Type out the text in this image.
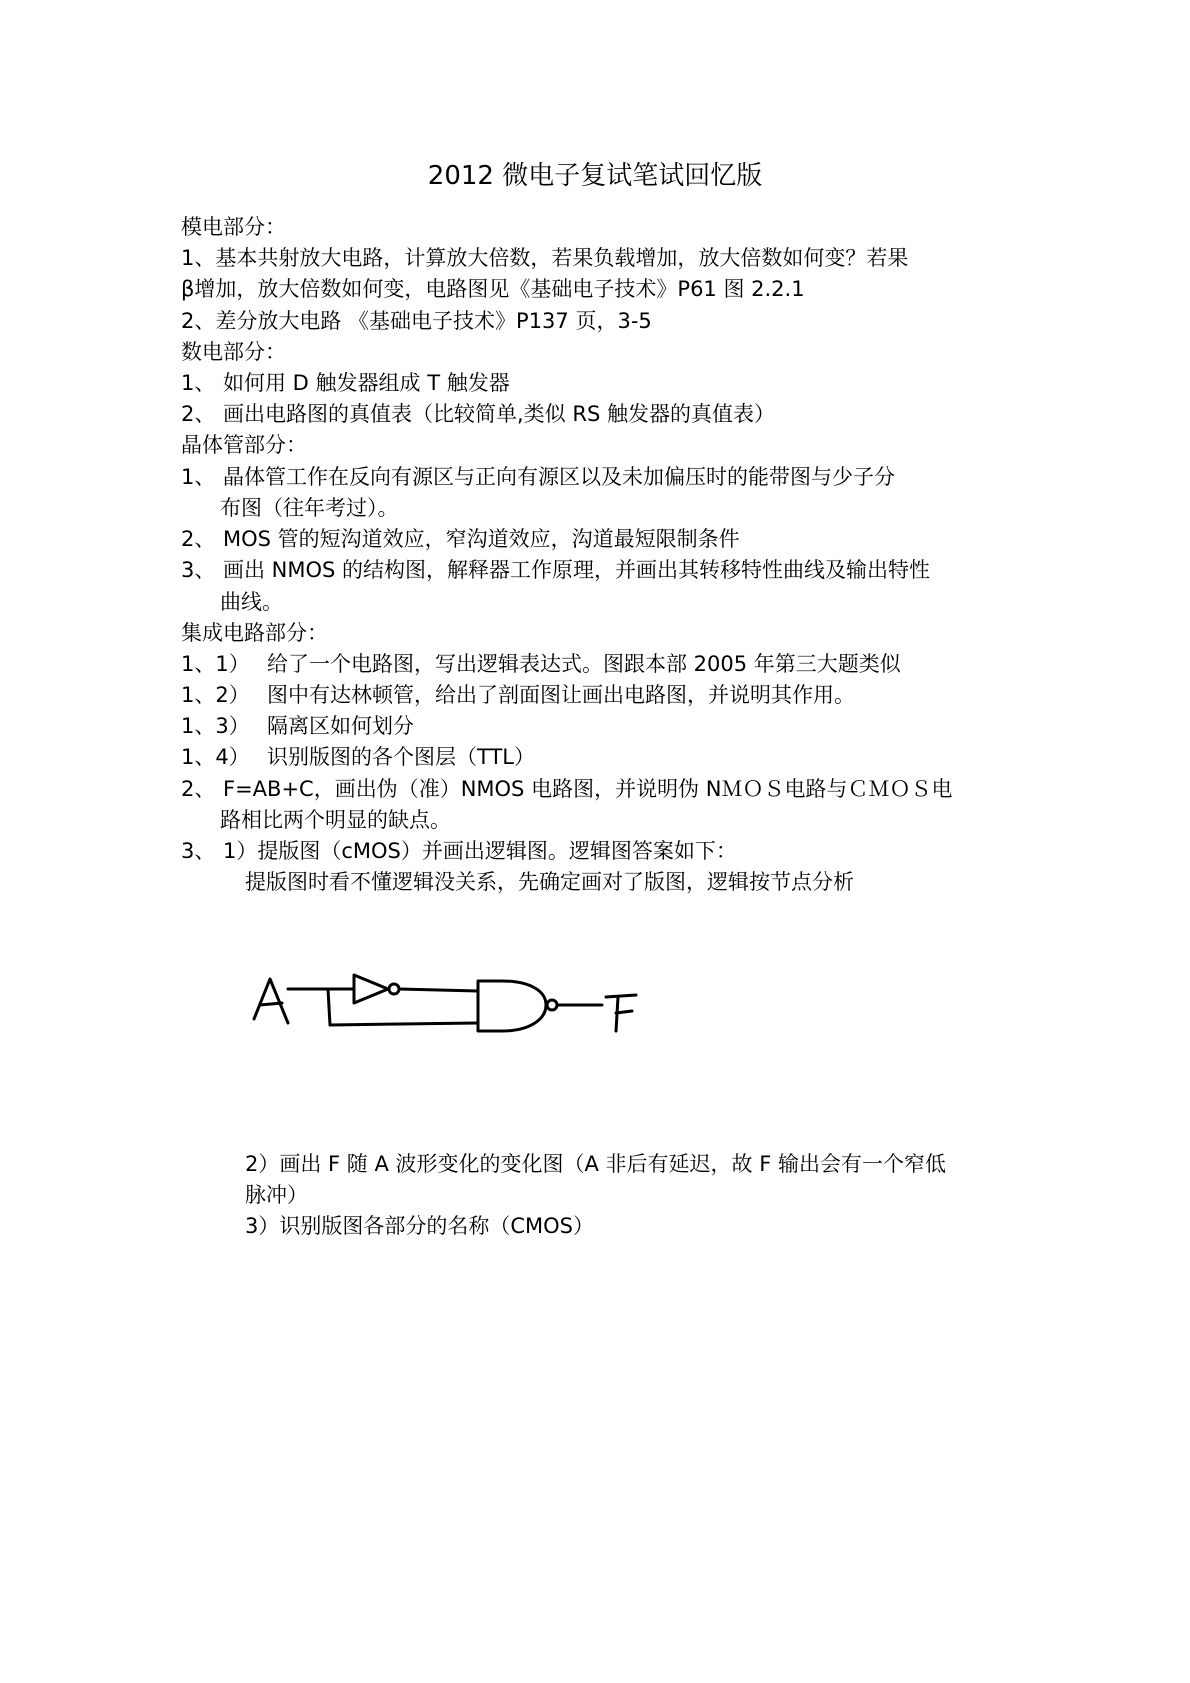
2012 微电子复试笔试回忆版
模电部分：
1、基本共射放大电路，计算放大倍数，若果负载增加，放大倍数如何变？若果
β增加，放大倍数如何变，电路图见《基础电子技术》P61 图 2.2.1
2、差分放大电路 《基础电子技术》P137 页，3-5
数电部分：
1、 如何用 D 触发器组成 T 触发器
2、 画出电路图的真值表（比较简单,类似 RS 触发器的真值表）
晶体管部分：
1、 晶体管工作在反向有源区与正向有源区以及未加偏压时的能带图与少子分
布图（往年考过）。
2、 MOS 管的短沟道效应，窄沟道效应，沟道最短限制条件
3、 画出 NMOS 的结构图，解释器工作原理，并画出其转移特性曲线及输出特性
曲线。
集成电路部分：
1、1） 给了一个电路图，写出逻辑表达式。图跟本部 2005 年第三大题类似
1、2） 图中有达林顿管，给出了剖面图让画出电路图，并说明其作用。
1、3） 隔离区如何划分
1、4） 识别版图的各个图层（TTL）
2、 F=AB+C，画出伪（准）NMOS 电路图，并说明伪 NＭＯＳ电路与ＣＭＯＳ电
路相比两个明显的缺点。
3、 1）提版图（cMOS）并画出逻辑图。逻辑图答案如下：
提版图时看不懂逻辑没关系，先确定画对了版图，逻辑按节点分析
2）画出 F 随 A 波形变化的变化图（A 非后有延迟，故 F 输出会有一个窄低
脉冲）
3）识别版图各部分的名称（CMOS）
